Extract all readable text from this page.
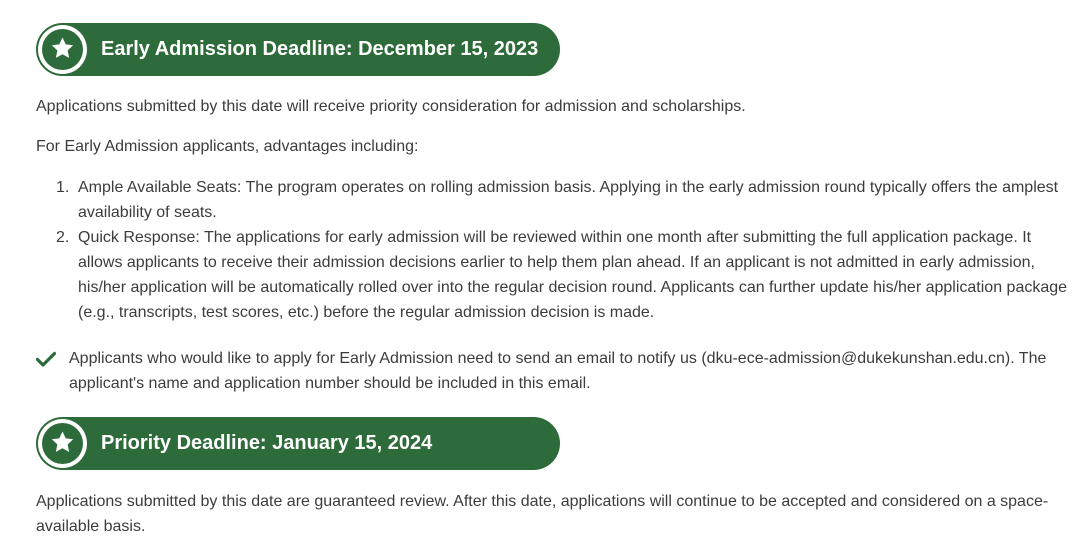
Early Admission Deadline: December 15, 2023

Applications submitted by this date will receive priority consideration for admission and scholarships.

For Early Admission applicants, advantages including:

1. Ample Available Seats: The program operates on rolling admission basis. Applying in the early admission round typically offers the amplest availability of seats.
2. Quick Response: The applications for early admission will be reviewed within one month after submitting the full application package. It allows applicants to receive their admission decisions earlier to help them plan ahead. If an applicant is not admitted in early admission, his/her application will be automatically rolled over into the regular decision round. Applicants can further update his/her application package (e.g., transcripts, test scores, etc.) before the regular admission decision is made.
Applicants who would like to apply for Early Admission need to send an email to notify us (dku-ece-admission@dukekunshan.edu.cn). The applicant's name and application number should be included in this email.
Priority Deadline: January 15, 2024

Applications submitted by this date are guaranteed review. After this date, applications will continue to be accepted and considered on a space-available basis.
